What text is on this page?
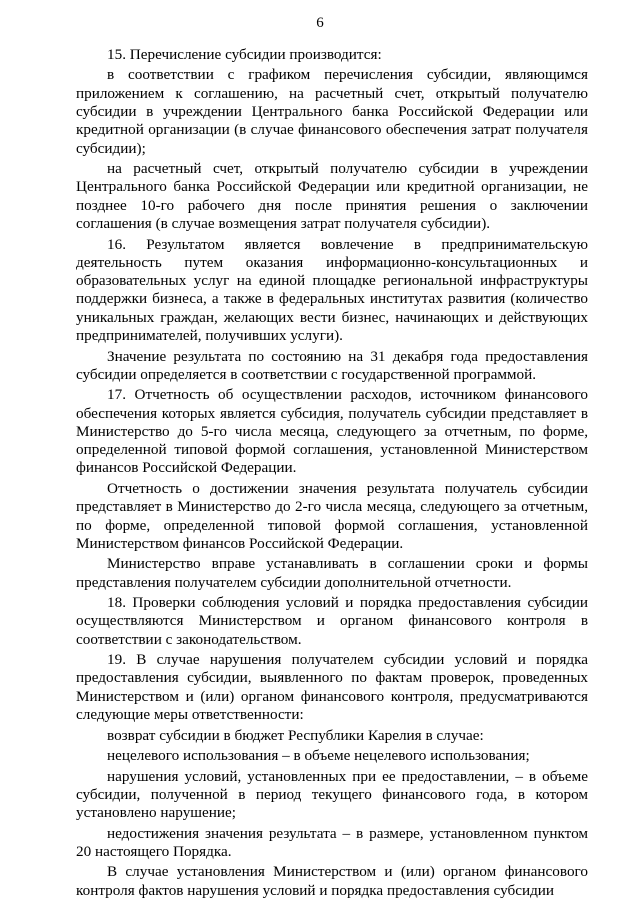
6

15. Перечисление субсидии производится:

в соответствии с графиком перечисления субсидии, являющимся приложением к соглашению, на расчетный счет, открытый получателю субсидии в учреждении Центрального банка Российской Федерации или кредитной организации (в случае финансового обеспечения затрат получателя субсидии);

на расчетный счет, открытый получателю субсидии в учреждении Центрального банка Российской Федерации или кредитной организации, не позднее 10-го рабочего дня после принятия решения о заключении соглашения (в случае возмещения затрат получателя субсидии).

16. Результатом является вовлечение в предпринимательскую деятельность путем оказания информационно-консультационных и образовательных услуг на единой площадке региональной инфраструктуры поддержки бизнеса, а также в федеральных институтах развития (количество уникальных граждан, желающих вести бизнес, начинающих и действующих предпринимателей, получивших услуги).

Значение результата по состоянию на 31 декабря года предоставления субсидии определяется в соответствии с государственной программой.

17. Отчетность об осуществлении расходов, источником финансового обеспечения которых является субсидия, получатель субсидии представляет в Министерство до 5-го числа месяца, следующего за отчетным, по форме, определенной типовой формой соглашения, установленной Министерством финансов Российской Федерации.

Отчетность о достижении значения результата получатель субсидии представляет в Министерство до 2-го числа месяца, следующего за отчетным, по форме, определенной типовой формой соглашения, установленной Министерством финансов Российской Федерации.

Министерство вправе устанавливать в соглашении сроки и формы представления получателем субсидии дополнительной отчетности.

18. Проверки соблюдения условий и порядка предоставления субсидии осуществляются Министерством и органом финансового контроля в соответствии с законодательством.

19. В случае нарушения получателем субсидии условий и порядка предоставления субсидии, выявленного по фактам проверок, проведенных Министерством и (или) органом финансового контроля, предусматриваются следующие меры ответственности:

возврат субсидии в бюджет Республики Карелия в случае:

нецелевого использования – в объеме нецелевого использования;

нарушения условий, установленных при ее предоставлении, – в объеме субсидии, полученной в период текущего финансового года, в котором установлено нарушение;

недостижения значения результата – в размере, установленном пунктом 20 настоящего Порядка.

В случае установления Министерством и (или) органом финансового контроля фактов нарушения условий и порядка предоставления субсидии
